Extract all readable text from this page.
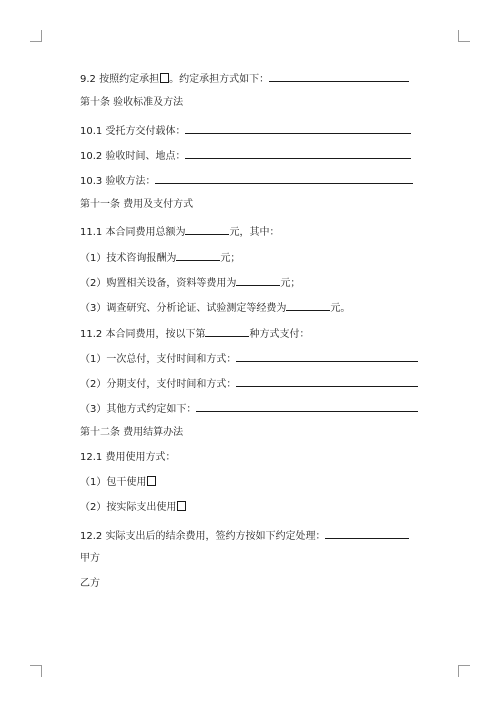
9.2 按照约定承担 。约定承担方式如下：
第十条 验收标准及方法
10.1 受托方交付载体：
10.2 验收时间、地点：
10.3 验收方法：
第十一条 费用及支付方式
11.1 本合同费用总额为	元，其中：
（1）技术咨询报酬为	元；
（2）购置相关设备，资料等费用为	元；
（3）调查研究、分析论证、试验测定等经费为	元。
11.2 本合同费用，按以下第	种方式支付：
（1）一次总付，支付时间和方式：
（2）分期支付，支付时间和方式：
（3）其他方式约定如下：
第十二条 费用结算办法
12.1 费用使用方式：
（1）包干使用
（2）按实际支出使用
12.2 实际支出后的结余费用，签约方按如下约定处理：
甲方
乙方
